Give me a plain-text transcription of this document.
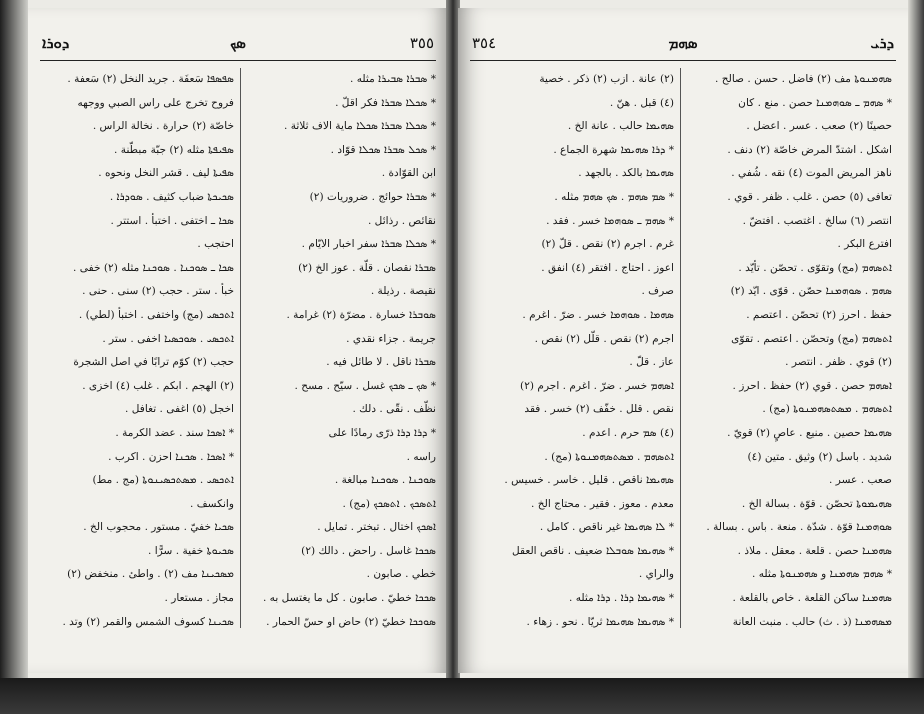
ܕܘܪܐ	ܣܟ	٣٥٥
ܣܦܣܦܐ سَعفَة . جريد النخل (٢) سَعفة .
فروح تخرج على راس الصبي ووجهه
خاصّة (٢) حرارة . نخالة الراس .
ܣܦܝܦܬܐ مثله (٢) جبّة مبطّنة .
ܣܦܝܬܐ ليف . قشر النخل ونحوه .
ܣܟܝܟܬܐ ضباب كثيف . ܣܘܕܪܐ .
ܣܟܐ ـ اختفى . اختبأ . استتر .
احتجب .
ܣܟܐ ـ ܣܘܟܢܐ . ܣܘܟܢܐ مثله (٢) خفى .
خبأ . ستر . حجب (٢) سنى . حنى .
ܐܬܟܣܝ (مج) واختفى . اختبأ (لطي) .
ܐܬܟܣܝ . ܣܘܟܣܝܐ اخفى . ستر .
حجب (٢) كوّم ترابًا في اصل الشجرة
(٢) الهجم . ابكم . غلب (٤) اخزى .
اخجل (٥) اغفى . تغافل .
* ܐܣܟܐ سند . عضد الكرمة .
* ܐܣܟܐ . ܣܟܢܐ احزن . اكرب .
ܐܬܟܣܝ . ܡܣܬܟܣܝܢܘܬܐ (مج . مط)
وانكسف .
ܣܟܝܐ خفيّ . مستور . محجوب الخ .
ܣܟܝܘܬܐ خفية . سرًّا .
ܡܣܟܝܢܐ مف (٢) . واطئ . منخفض (٢)
مجاز . مستعار .
ܣܟܝܢܐ كسوف الشمس والقمر (٢) وتد .
* ܣܒܪܐ ܣܒܝܪܐ مثله .
* ܣܟܠܐ ܣܒܪܐ فكر اقلّ .
* ܣܟܠܐ ܣܒܪܐ ܣܟܠܐ ماية الاف ثلاثة .
* ܣܟܠ ܣܒܪܐ ܣܟܠܐ قوّاد .
ابن القوّادة .
* ܣܒܪܐ حوائج . ضروريات (٢)
نقائص . رذائل .
* ܣܟܠܐ ܣܒܪܐ سفر اخبار الايّام .
ܣܒܪܐ نقصان . قلّة . عوز الخ (٢)
نقيصة . رذيلة .
ܣܘܒܪܐ خسارة . مضرّة (٢) غرامة .
جريمة . جزاء نقدي .
ܣܒܪܐ ناقل . لا طائل فيه .
* ܣܟ ـ ܣܟܟ غسل . سيّح . مسح .
نظّف . نقّى . دلك .
* ܕܪܐ ܕܪܐ ذرّى رمادًا على
راسه .
ܣܘܟܢܐ . ܣܘܟܢܐ مبالغة .
ܐܬܣܟܟ . ܐܬܣܟܟ (مج) .
ܐܣܟܟ اختال . تبختر . تمايل .
ܣܟܟܐ غاسل . راحض . دالك (٢)
خطي . صابون .
ܣܟܟܐ خطيّ . صابون . كل ما يغتسل به .
ܣܘܟܟܐ خطيّ (٢) حاض او حسّ الحمار .
٣٥٤	ܣܗܡ	ܕܪܝ
(٢) عانة . ازب (٢) ذكر . خصية
(٤) قبل . هنّ .
ܣܗܝܡܐ حالب . عانة الخ .
* ܕܪܐ ܣܗܝܡܐ شهرة الجماع .
ܣܗܝܡܐ بالكد . بالجهد .
* ܣܡ ܣܗܡ . ܣܟ ܣܗܡ مثله .
* ܣܗܡ ـ ܣܘܗܡܐ خسر . فقد .
غرم . اجرم (٢) نقص . قلّ (٢)
اعوز . احتاج . افتقر (٤) انفق .
صرف .
ܣܗܡܐ . ܣܘܗܡܐ خسر . ضرّ . اغرم .
اجرم (٢) نقص . قلّل (٢) نقص .
عاز . قلّ .
ܐܣܗܡ خسر . ضرّ . اغرم . اجرم (٢)
نقص . قلل . خفّف (٢) خسر . فقد
(٤) ܣܡ حرم . اعدم .
ܐܬܣܗܡ . ܡܣܬܣܗܡܢܘܬܐ (مج) .
ܣܗܝܡܐ ناقص . قليل . خاسر . خسيس .
معدم . معوز . فقير . محتاج الخ .
* ܠܐ ܣܗܝܡܐ غير ناقص . كامل .
* ܣܗܝܡܐ ܣܘܒܠܐ ضعيف . ناقص العقل
والراي .
* ܣܗܝܡܐ ܕܪܐ . ܕܪܐ مثله .
* ܣܗܝܡܐ ܣܗܝܡܐ ثريّا . نحو . زهاء .
ܣܗܡܢܘܬܐ مف (٢) فاضل . حسن . صالح .
* ܣܗܡ ـ ܣܘܗܡܢܐ حصن . منع . كان
حصينًا (٢) صعب . عسر . اعضل .
اشكل . اشتدّ المرض خاصّة (٢) دنف .
ناهز المريض الموت (٤) نقه . شُفي .
تعافى (٥) حصن . غلب . ظفر . قوي .
انتصر (٦) سالخ . اغتصب . افتضّ .
افترع البكر .
ܐܬܣܗܡ (مج) وتقوّى . تحصّن . تأيّد .
ܣܗܡ . ܣܘܗܡܢܐ حصّن . قوّى . ايّد (٢)
حفظ . احرز (٢) تحصّن . اعتصم .
ܐܬܣܗܡ (مج) وتحصّن . اعتصم . تقوّى
(٢) قوي . ظفر . انتصر .
ܐܣܗܡ حصن . قوي (٢) حفظ . احرز .
ܐܬܣܗܡ . ܡܣܬܣܗܡܢܘܬܐ (مج) .
ܣܗܝܡܐ حصين . منيع . عاصٍ (٢) قويّ .
شديد . باسل (٢) وثيق . متين (٤)
صعب . عسر .
ܣܗܝܡܘܬܐ تحصّن . قوّة . بسالة الخ .
ܣܘܗܡܢܐ قوّة . شدّة . منعة . باس . بسالة .
ܣܗܡܢܐ حصن . قلعة . معقل . ملاذ .
* ܣܗܡ ܣܗܡܢܐ و ܣܗܡܢܘܬܐ مثله .
ܣܗܡܢܐ ساكن القلعة . خاص بالقلعة .
ܡܣܗܡܢܐ (ذ . ث) حالب . منبت العانة
